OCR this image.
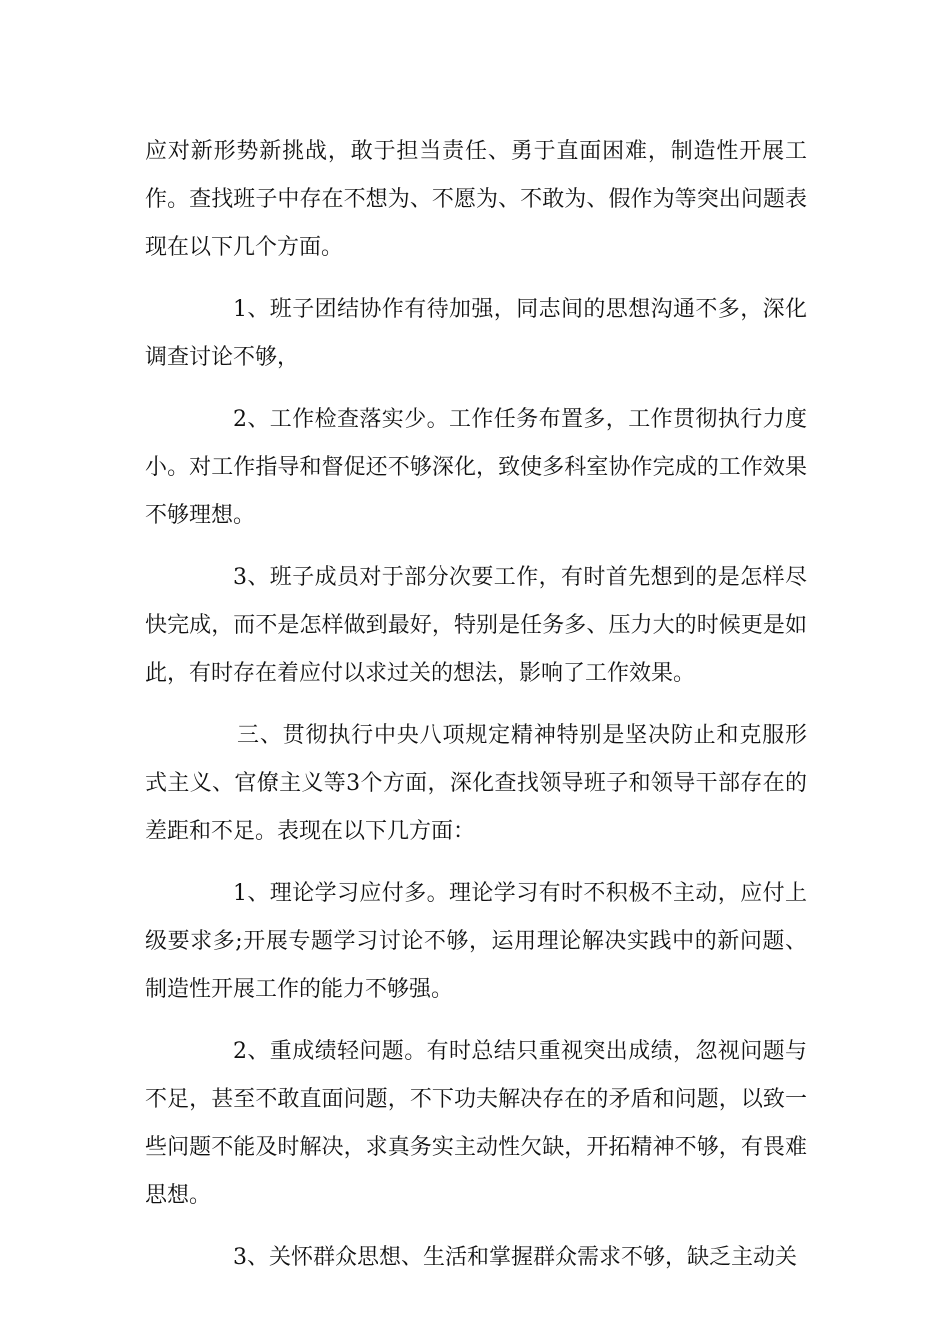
应对新形势新挑战，敢于担当责任、勇于直面困难，制造性开展工作。查找班子中存在不想为、不愿为、不敢为、假作为等突出问题表现在以下几个方面。

1、班子团结协作有待加强，同志间的思想沟通不多，深化调查讨论不够，

2、工作检查落实少。工作任务布置多，工作贯彻执行力度小。对工作指导和督促还不够深化，致使多科室协作完成的工作效果不够理想。

3、班子成员对于部分次要工作，有时首先想到的是怎样尽快完成，而不是怎样做到最好，特别是任务多、压力大的时候更是如此，有时存在着应付以求过关的想法，影响了工作效果。

三、贯彻执行中央八项规定精神特别是坚决防止和克服形式主义、官僚主义等3个方面，深化查找领导班子和领导干部存在的差距和不足。表现在以下几方面：

1、理论学习应付多。理论学习有时不积极不主动，应付上级要求多;开展专题学习讨论不够，运用理论解决实践中的新问题、制造性开展工作的能力不够强。

2、重成绩轻问题。有时总结只重视突出成绩，忽视问题与不足，甚至不敢直面问题，不下功夫解决存在的矛盾和问题，以致一些问题不能及时解决，求真务实主动性欠缺，开拓精神不够，有畏难思想。

3、关怀群众思想、生活和掌握群众需求不够，缺乏主动关
